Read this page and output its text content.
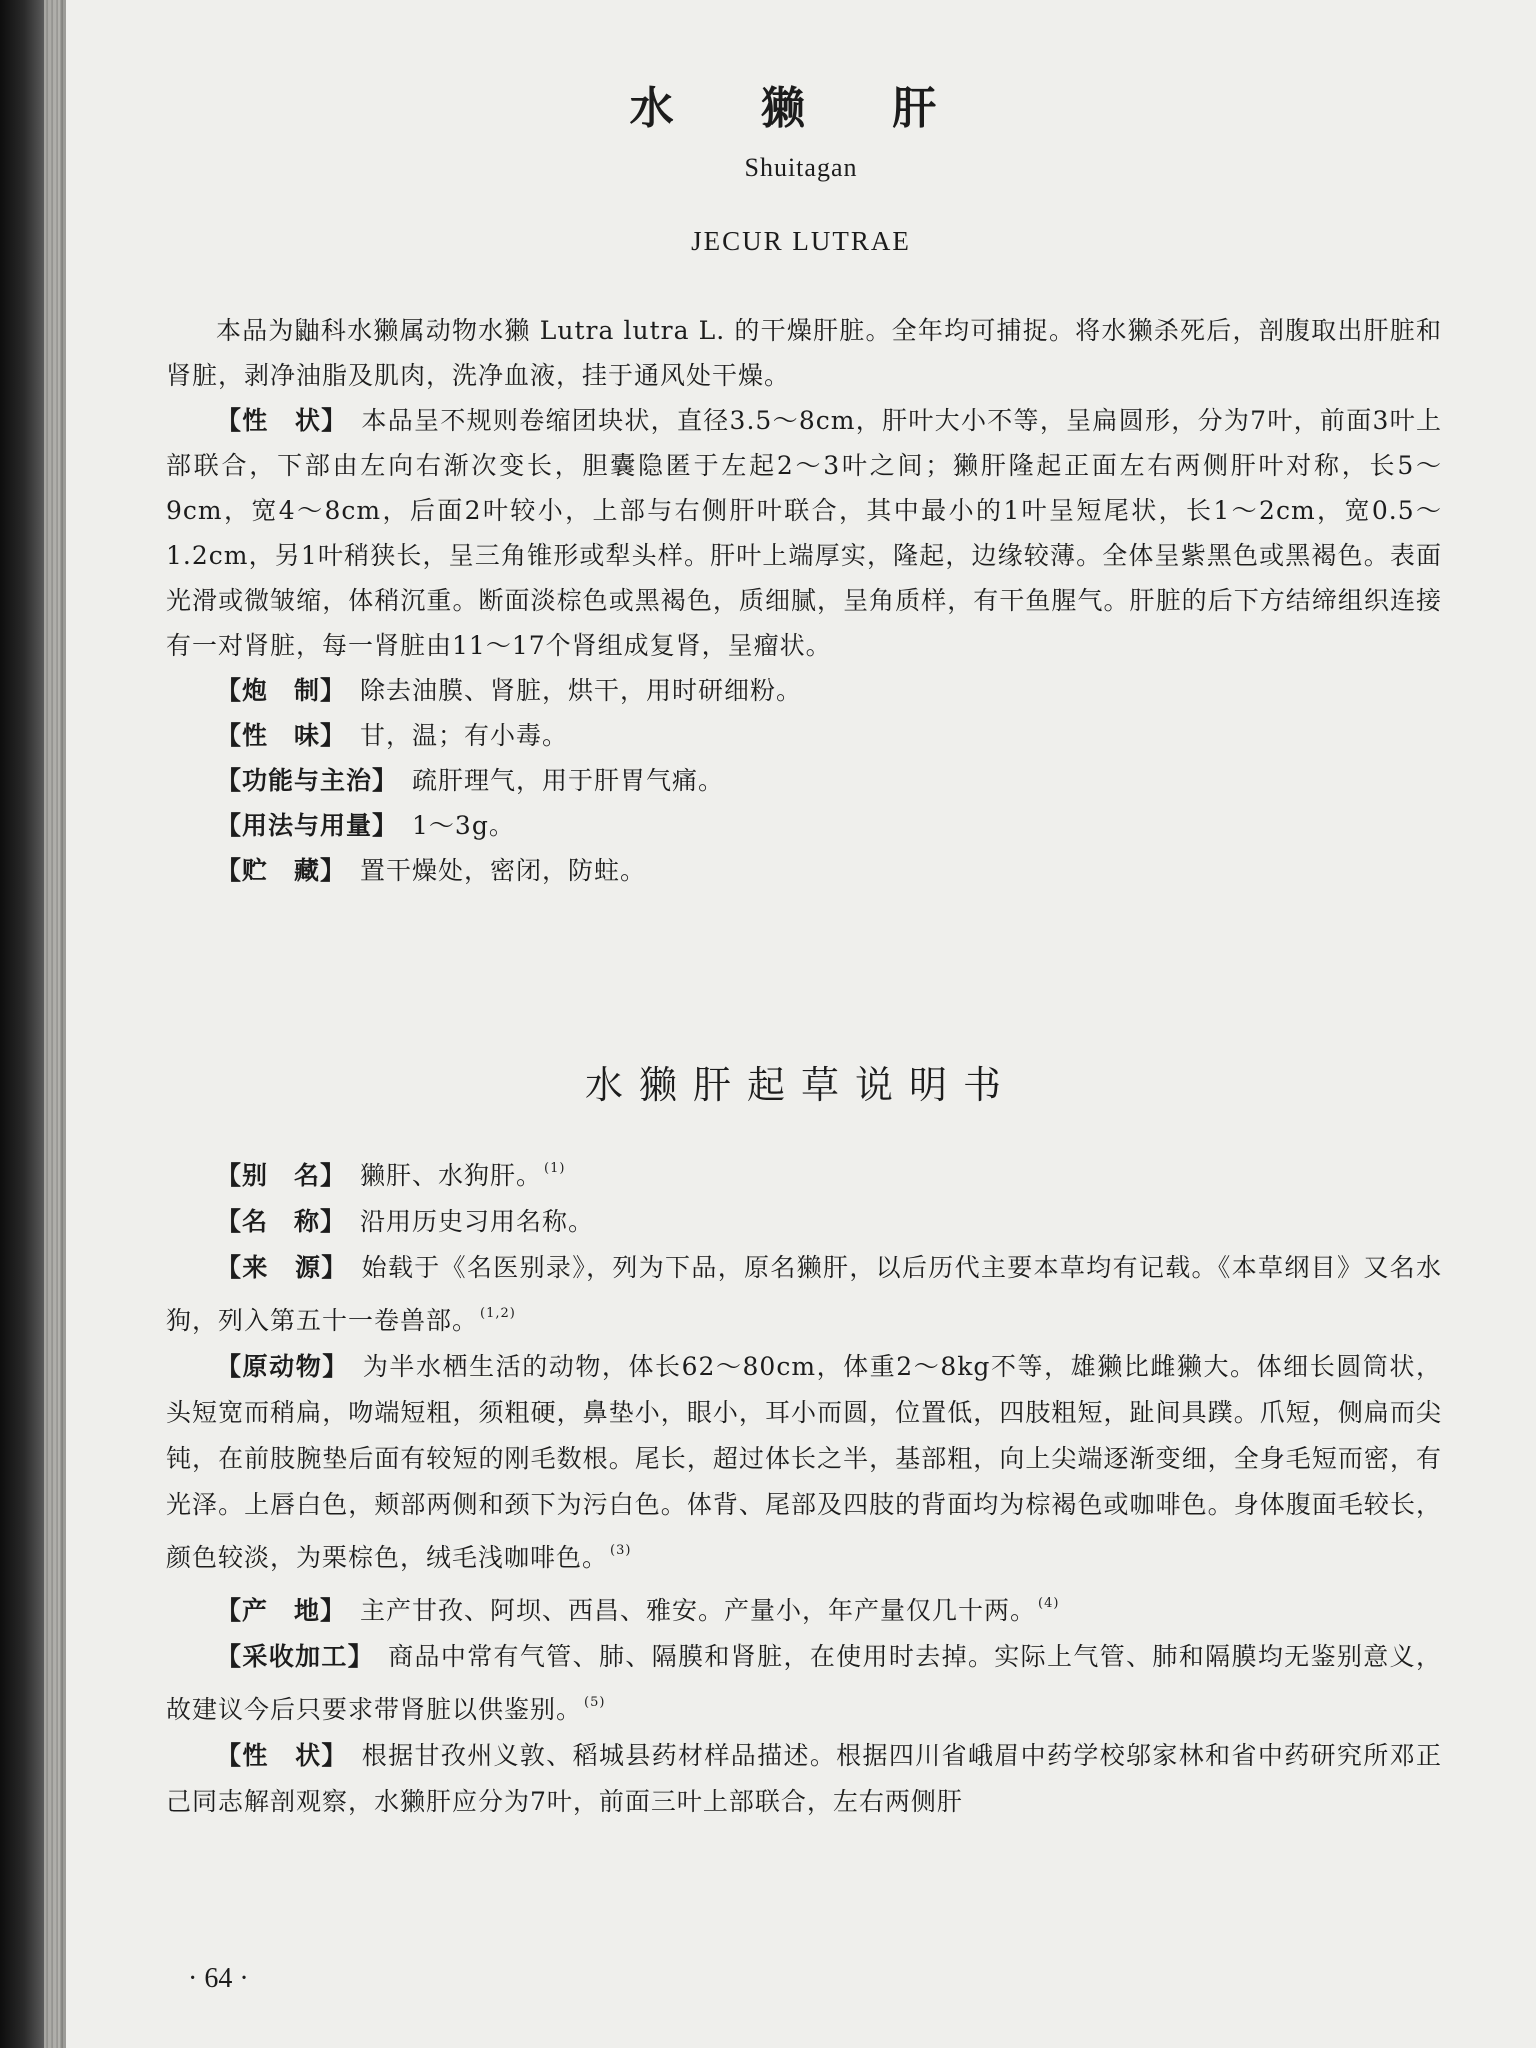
水 獭 肝
Shuitagan
JECUR LUTRAE

本品为鼬科水獭属动物水獭 Lutra lutra L. 的干燥肝脏。全年均可捕捉。将水獭杀死后，剖腹取出肝脏和肾脏，剥净油脂及肌肉，洗净血液，挂于通风处干燥。

【性　状】 本品呈不规则卷缩团块状，直径3.5～8cm，肝叶大小不等，呈扁圆形，分为7叶，前面3叶上部联合，下部由左向右渐次变长，胆囊隐匿于左起2～3叶之间；獭肝隆起正面左右两侧肝叶对称，长5～9cm，宽4～8cm，后面2叶较小，上部与右侧肝叶联合，其中最小的1叶呈短尾状，长1～2cm，宽0.5～1.2cm，另1叶稍狭长，呈三角锥形或犁头样。肝叶上端厚实，隆起，边缘较薄。全体呈紫黑色或黑褐色。表面光滑或微皱缩，体稍沉重。断面淡棕色或黑褐色，质细腻，呈角质样，有干鱼腥气。肝脏的后下方结缔组织连接有一对肾脏，每一肾脏由11～17个肾组成复肾，呈瘤状。

【炮　制】 除去油膜、肾脏，烘干，用时研细粉。

【性　味】 甘，温；有小毒。

【功能与主治】 疏肝理气，用于肝胃气痛。

【用法与用量】 1～3g。

【贮　藏】 置干燥处，密闭，防蛀。

水獭肝起草说明书

【别　名】 獭肝、水狗肝。 $^{(1)}$

【名　称】 沿用历史习用名称。

【来　源】 始载于《名医别录》，列为下品，原名獭肝，以后历代主要本草均有记载。《本草纲目》又名水狗，列入第五十一卷兽部。 $^{(1,2)}$

【原动物】 为半水栖生活的动物，体长62～80cm，体重2～8kg不等，雄獭比雌獭大。体细长圆筒状，头短宽而稍扁，吻端短粗，须粗硬，鼻垫小，眼小，耳小而圆，位置低，四肢粗短，趾间具蹼。爪短，侧扁而尖钝，在前肢腕垫后面有较短的刚毛数根。尾长，超过体长之半，基部粗，向上尖端逐渐变细，全身毛短而密，有光泽。上唇白色，颊部两侧和颈下为污白色。体背、尾部及四肢的背面均为棕褐色或咖啡色。身体腹面毛较长，颜色较淡，为栗棕色，绒毛浅咖啡色。 $^{(3)}$

【产　地】 主产甘孜、阿坝、西昌、雅安。产量小，年产量仅几十两。 $^{(4)}$

【采收加工】 商品中常有气管、肺、隔膜和肾脏，在使用时去掉。实际上气管、肺和隔膜均无鉴别意义，故建议今后只要求带肾脏以供鉴别。 $^{(5)}$

【性　状】 根据甘孜州义敦、稻城县药材样品描述。根据四川省峨眉中药学校邬家林和省中药研究所邓正己同志解剖观察，水獭肝应分为7叶，前面三叶上部联合，左右两侧肝

· 64 ·
